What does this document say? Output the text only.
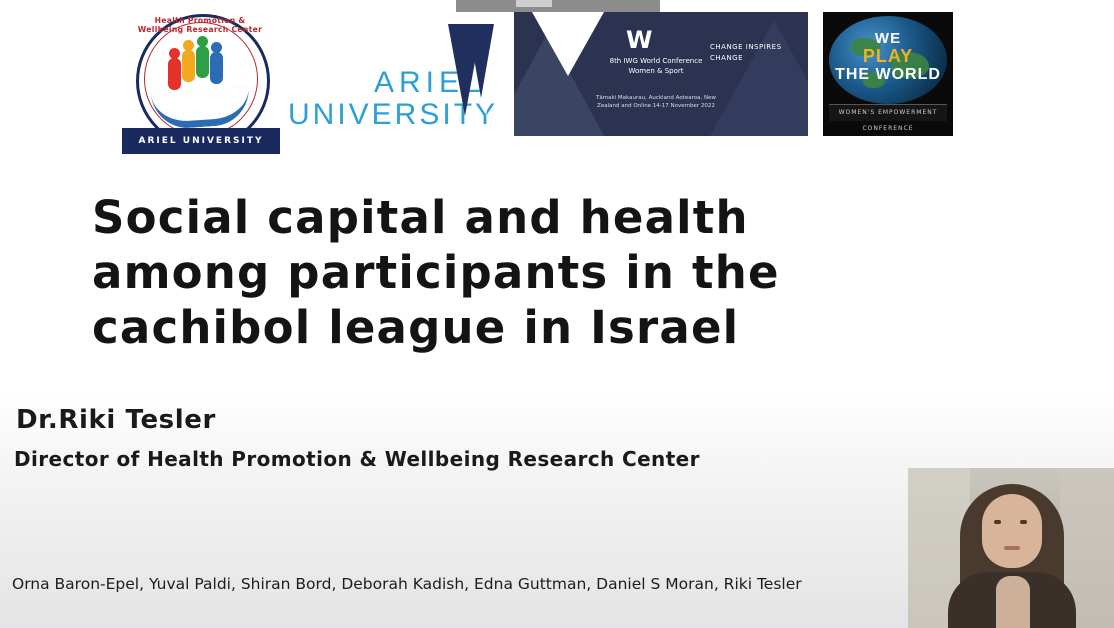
Health Promotion & Wellbeing Research Center
ARIEL UNIVERSITY
ARIEL
UNIVERSITY
W
8th IWG World Conference Women & Sport
Tāmaki Makaurau, Auckland Aotearoa, New Zealand and Online 14-17 November 2022
CHANGE INSPIRES CHANGE
WE
PLAY
THE WORLD
WOMEN'S EMPOWERMENT CONFERENCE
Social capital and health
among participants in the
cachibol league in Israel
Dr.Riki Tesler
Director of Health Promotion & Wellbeing Research Center
Orna Baron-Epel, Yuval Paldi, Shiran Bord, Deborah Kadish, Edna Guttman, Daniel S Moran, Riki Tesler
